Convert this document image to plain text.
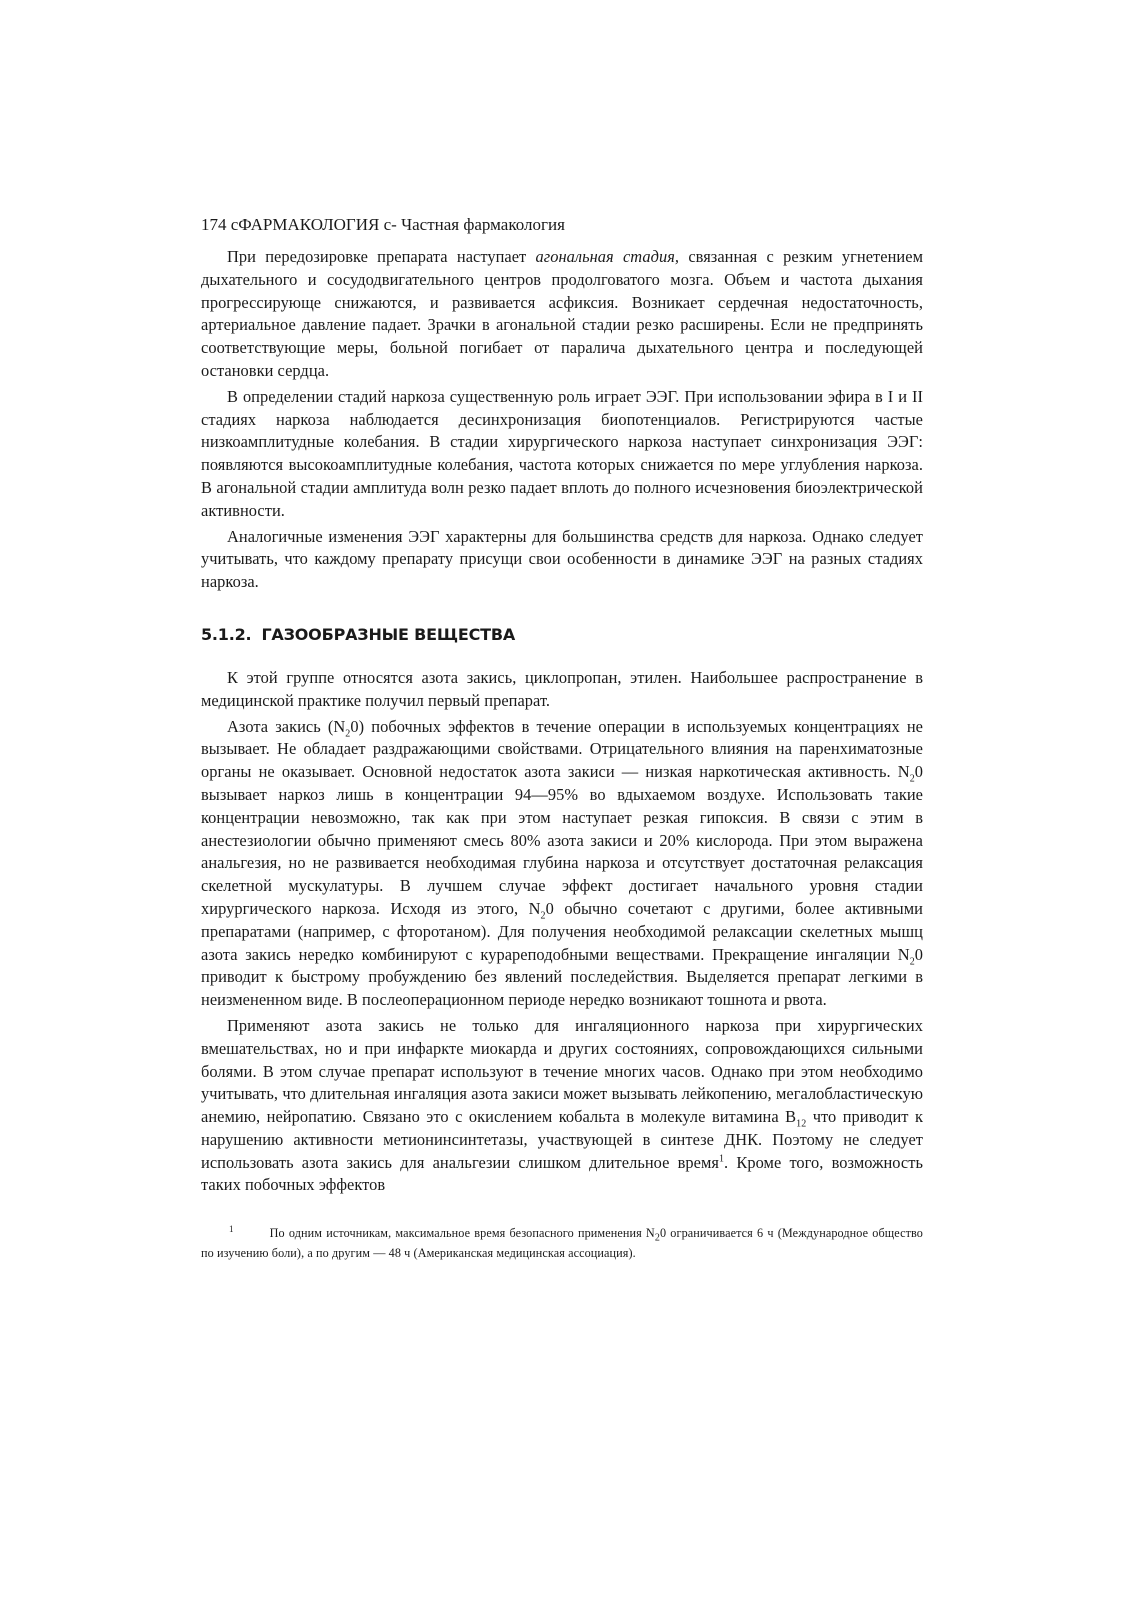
174 сФАРМАКОЛОГИЯ с- Частная фармакология

При передозировке препарата наступает агональная стадия, связанная с резким угнетением дыхательного и сосудодвигательного центров продолговатого мозга. Объем и частота дыхания прогрессирующе снижаются, и развивается асфиксия. Возникает сердечная недостаточность, артериальное давление падает. Зрачки в агональной стадии резко расширены. Если не предпринять соответствующие меры, больной погибает от паралича дыхательного центра и последующей остановки сердца.

В определении стадий наркоза существенную роль играет ЭЭГ. При использовании эфира в I и II стадиях наркоза наблюдается десинхронизация биопотенциалов. Регистрируются частые низкоамплитудные колебания. В стадии хирургического наркоза наступает синхронизация ЭЭГ: появляются высокоамплитудные колебания, частота которых снижается по мере углубления наркоза. В агональной стадии амплитуда волн резко падает вплоть до полного исчезновения биоэлектрической активности.

Аналогичные изменения ЭЭГ характерны для большинства средств для наркоза. Однако следует учитывать, что каждому препарату присущи свои особенности в динамике ЭЭГ на разных стадиях наркоза.

5.1.2. ГАЗООБРАЗНЫЕ ВЕЩЕСТВА

К этой группе относятся азота закись, циклопропан, этилен. Наибольшее распространение в медицинской практике получил первый препарат.

Азота закись $(N_20)$ побочных эффектов в течение операции в используемых концентрациях не вызывает. Не обладает раздражающими свойствами. Отрицательного влияния на паренхиматозные органы не оказывает. Основной недостаток азота закиси — низкая наркотическая активность. $N_20$ вызывает наркоз лишь в концентрации 94—95% во вдыхаемом воздухе. Использовать такие концентрации невозможно, так как при этом наступает резкая гипоксия. В связи с этим в анестезиологии обычно применяют смесь 80% азота закиси и 20% кислорода. При этом выражена анальгезия, но не развивается необходимая глубина наркоза и отсутствует достаточная релаксация скелетной мускулатуры. В лучшем случае эффект достигает начального уровня стадии хирургического наркоза. Исходя из этого, $N_20$ обычно сочетают с другими, более активными препаратами (например, с фторотаном). Для получения необходимой релаксации скелетных мышц азота закись нередко комбинируют с курареподобными веществами. Прекращение ингаляции $N_20$ приводит к быстрому пробуждению без явлений последействия. Выделяется препарат легкими в неизмененном виде. В послеоперационном периоде нередко возникают тошнота и рвота.

Применяют азота закись не только для ингаляционного наркоза при хирургических вмешательствах, но и при инфаркте миокарда и других состояниях, сопровождающихся сильными болями. В этом случае препарат используют в течение многих часов. Однако при этом необходимо учитывать, что длительная ингаляция азота закиси может вызывать лейкопению, мегалобластическую анемию, нейропатию. Связано это с окислением кобальта в молекуле витамина $В_{12}$ что приводит к нарушению активности метионинсинтетазы, участвующей в синтезе ДНК. Поэтому не следует использовать азота закись для анальгезии слишком длительное время$^1$. Кроме того, возможность таких побочных эффектов

1	По одним источникам, максимальное время безопасного применения $N_20$ ограничивается 6 ч (Международное общество по изучению боли), а по другим — 48 ч (Американская медицинская ассоциация).
